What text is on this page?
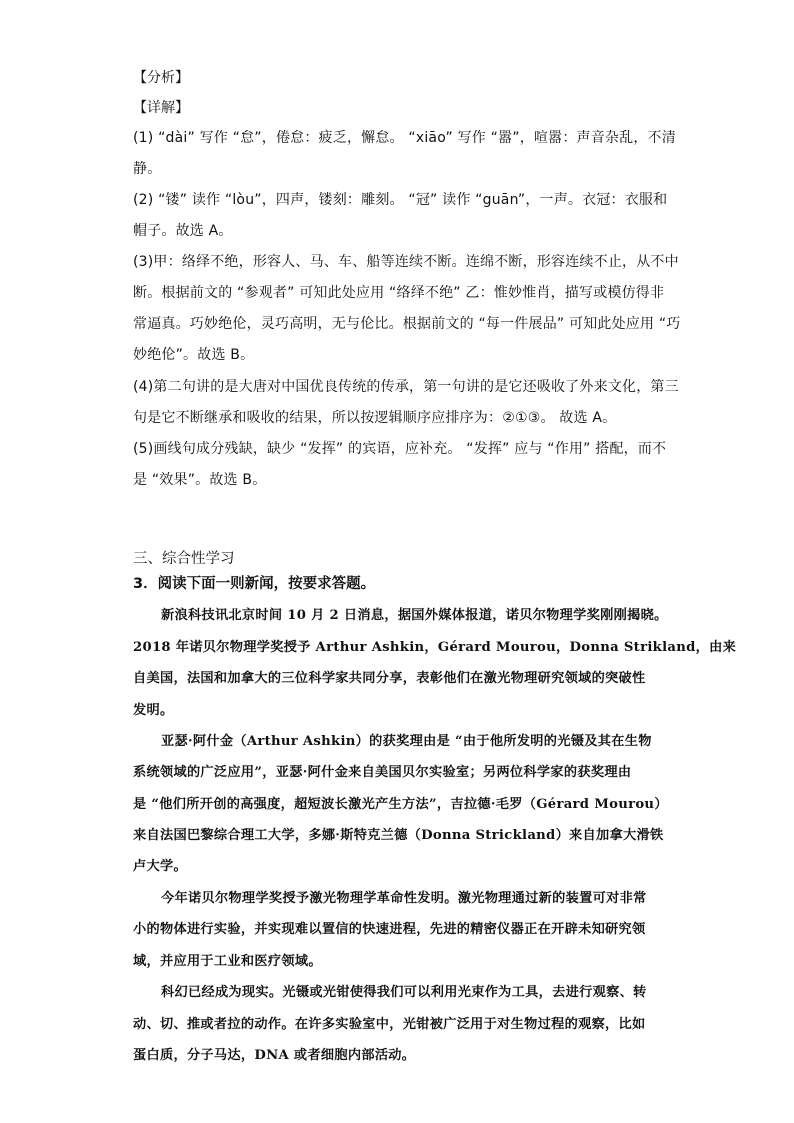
【分析】
【详解】
(1) “dài” 写作 “怠”，倦怠：疲乏，懈怠。 “xiāo” 写作 “嚣”，喧嚣：声音杂乱，不清
静。
(2) “镂” 读作 “lòu”，四声，镂刻：雕刻。 “冠” 读作 “guān”，一声。衣冠：衣服和
帽子。故选 A。
(3)甲：络绎不绝，形容人、马、车、船等连续不断。连绵不断，形容连续不止，从不中
断。根据前文的 “参观者” 可知此处应用 “络绎不绝” 乙：惟妙惟肖，描写或模仿得非
常逼真。巧妙绝伦，灵巧高明，无与伦比。根据前文的 “每一件展品” 可知此处应用 “巧
妙绝伦”。故选 B。
(4)第二句讲的是大唐对中国优良传统的传承，第一句讲的是它还吸收了外来文化，第三
句是它不断继承和吸收的结果，所以按逻辑顺序应排序为：②①③。 故选 A。
(5)画线句成分残缺，缺少 “发挥” 的宾语，应补充。 “发挥” 应与 “作用” 搭配，而不
是 “效果”。故选 B。
三、综合性学习
3．阅读下面一则新闻，按要求答题。
新浪科技讯北京时间 10 月 2 日消息，据国外媒体报道，诺贝尔物理学奖刚刚揭晓。
2018 年诺贝尔物理学奖授予 Arthur Ashkin，Gérard Mourou，Donna Strikland，由来
自美国，法国和加拿大的三位科学家共同分享，表彰他们在激光物理研究领域的突破性
发明。
亚瑟·阿什金（Arthur Ashkin）的获奖理由是 “由于他所发明的光镊及其在生物
系统领域的广泛应用”，亚瑟·阿什金来自美国贝尔实验室；另两位科学家的获奖理由
是 “他们所开创的高强度，超短波长激光产生方法”，吉拉德·毛罗（Gérard Mourou）
来自法国巴黎综合理工大学，多娜·斯特克兰德（Donna Strickland）来自加拿大滑铁
卢大学。
今年诺贝尔物理学奖授予激光物理学革命性发明。激光物理通过新的装置可对非常
小的物体进行实验，并实现难以置信的快速进程，先进的精密仪器正在开辟未知研究领
域，并应用于工业和医疗领域。
科幻已经成为现实。光镊或光钳使得我们可以利用光束作为工具，去进行观察、转
动、切、推或者拉的动作。在许多实验室中，光钳被广泛用于对生物过程的观察，比如
蛋白质，分子马达，DNA 或者细胞内部活动。
